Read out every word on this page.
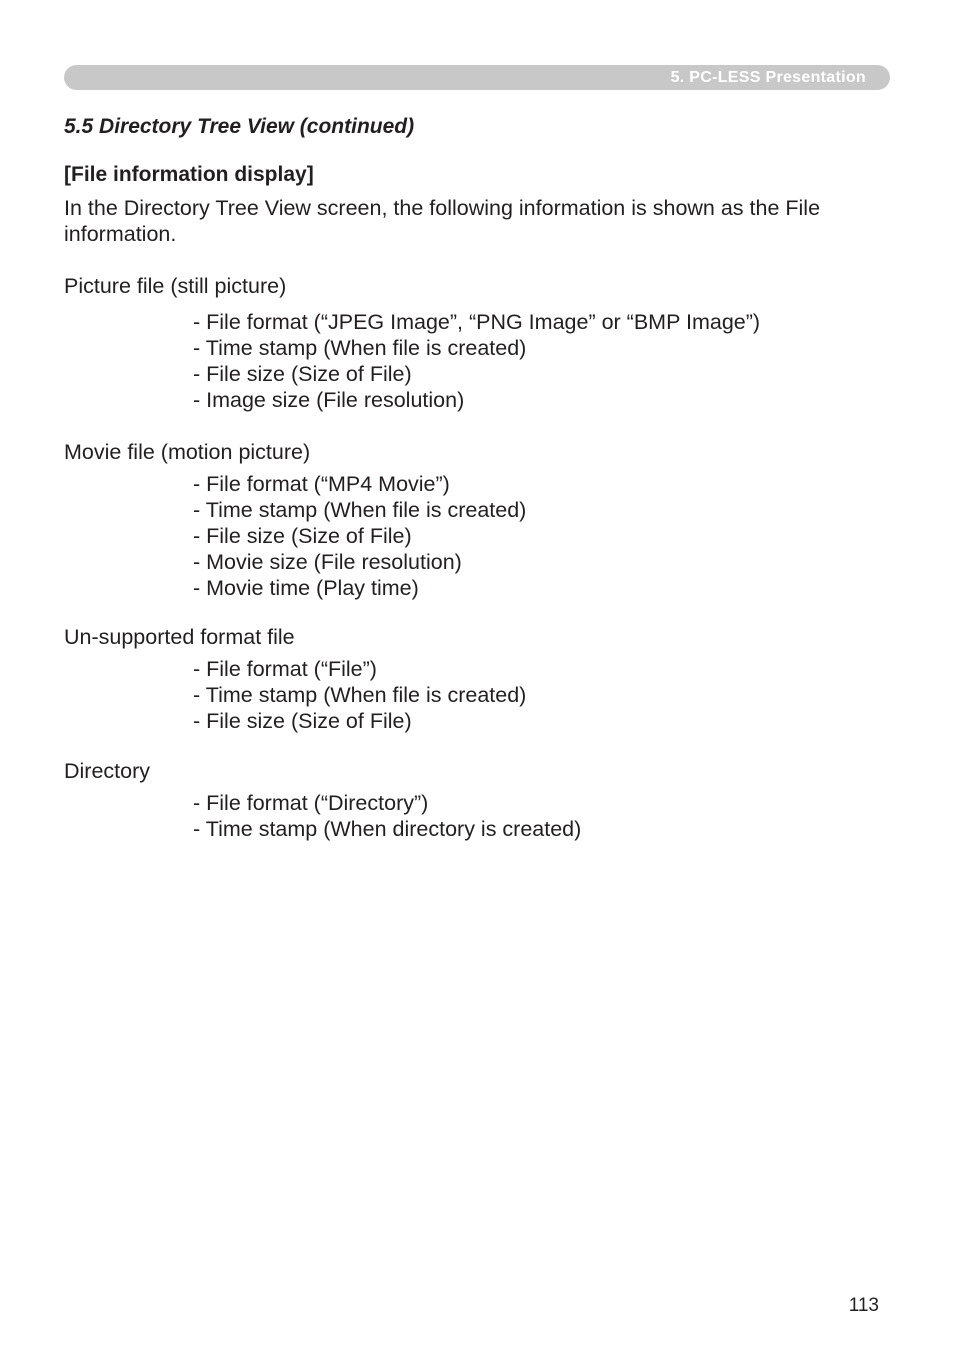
5. PC-LESS Presentation
5.5 Directory Tree View (continued)
[File information display]
In the Directory Tree View screen, the following information is shown as the File information.
Picture file (still picture)
- File format (“JPEG Image”, “PNG Image” or “BMP Image”)
- Time stamp (When file is created)
- File size (Size of File)
- Image size (File resolution)
Movie file (motion picture)
- File format (“MP4 Movie”)
- Time stamp (When file is created)
- File size (Size of File)
- Movie size (File resolution)
- Movie time (Play time)
Un-supported format file
- File format (“File”)
- Time stamp (When file is created)
- File size (Size of File)
Directory
- File format (“Directory”)
- Time stamp (When directory is created)
113
